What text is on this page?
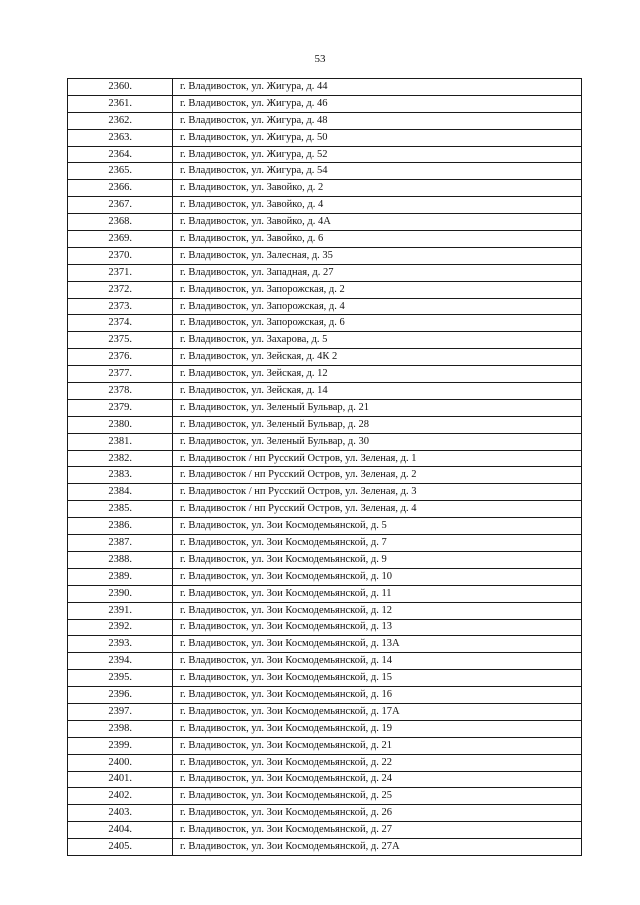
53
2360.	г. Владивосток, ул. Жигура, д. 44
2361.	г. Владивосток, ул. Жигура, д. 46
2362.	г. Владивосток, ул. Жигура, д. 48
2363.	г. Владивосток, ул. Жигура, д. 50
2364.	г. Владивосток, ул. Жигура, д. 52
2365.	г. Владивосток, ул. Жигура, д. 54
2366.	г. Владивосток, ул. Завойко, д. 2
2367.	г. Владивосток, ул. Завойко, д. 4
2368.	г. Владивосток, ул. Завойко, д. 4А
2369.	г. Владивосток, ул. Завойко, д. 6
2370.	г. Владивосток, ул. Залесная, д. 35
2371.	г. Владивосток, ул. Западная, д. 27
2372.	г. Владивосток, ул. Запорожская, д. 2
2373.	г. Владивосток, ул. Запорожская, д. 4
2374.	г. Владивосток, ул. Запорожская, д. 6
2375.	г. Владивосток, ул. Захарова, д. 5
2376.	г. Владивосток, ул. Зейская, д. 4К 2
2377.	г. Владивосток, ул. Зейская, д. 12
2378.	г. Владивосток, ул. Зейская, д. 14
2379.	г. Владивосток, ул. Зеленый Бульвар, д. 21
2380.	г. Владивосток, ул. Зеленый Бульвар, д. 28
2381.	г. Владивосток, ул. Зеленый Бульвар, д. 30
2382.	г. Владивосток / нп Русский Остров, ул. Зеленая, д. 1
2383.	г. Владивосток / нп Русский Остров, ул. Зеленая, д. 2
2384.	г. Владивосток / нп Русский Остров, ул. Зеленая, д. 3
2385.	г. Владивосток / нп Русский Остров, ул. Зеленая, д. 4
2386.	г. Владивосток, ул. Зои Космодемьянской, д. 5
2387.	г. Владивосток, ул. Зои Космодемьянской, д. 7
2388.	г. Владивосток, ул. Зои Космодемьянской, д. 9
2389.	г. Владивосток, ул. Зои Космодемьянской, д. 10
2390.	г. Владивосток, ул. Зои Космодемьянской, д. 11
2391.	г. Владивосток, ул. Зои Космодемьянской, д. 12
2392.	г. Владивосток, ул. Зои Космодемьянской, д. 13
2393.	г. Владивосток, ул. Зои Космодемьянской, д. 13А
2394.	г. Владивосток, ул. Зои Космодемьянской, д. 14
2395.	г. Владивосток, ул. Зои Космодемьянской, д. 15
2396.	г. Владивосток, ул. Зои Космодемьянской, д. 16
2397.	г. Владивосток, ул. Зои Космодемьянской, д. 17А
2398.	г. Владивосток, ул. Зои Космодемьянской, д. 19
2399.	г. Владивосток, ул. Зои Космодемьянской, д. 21
2400.	г. Владивосток, ул. Зои Космодемьянской, д. 22
2401.	г. Владивосток, ул. Зои Космодемьянской, д. 24
2402.	г. Владивосток, ул. Зои Космодемьянской, д. 25
2403.	г. Владивосток, ул. Зои Космодемьянской, д. 26
2404.	г. Владивосток, ул. Зои Космодемьянской, д. 27
2405.	г. Владивосток, ул. Зои Космодемьянской, д. 27А
